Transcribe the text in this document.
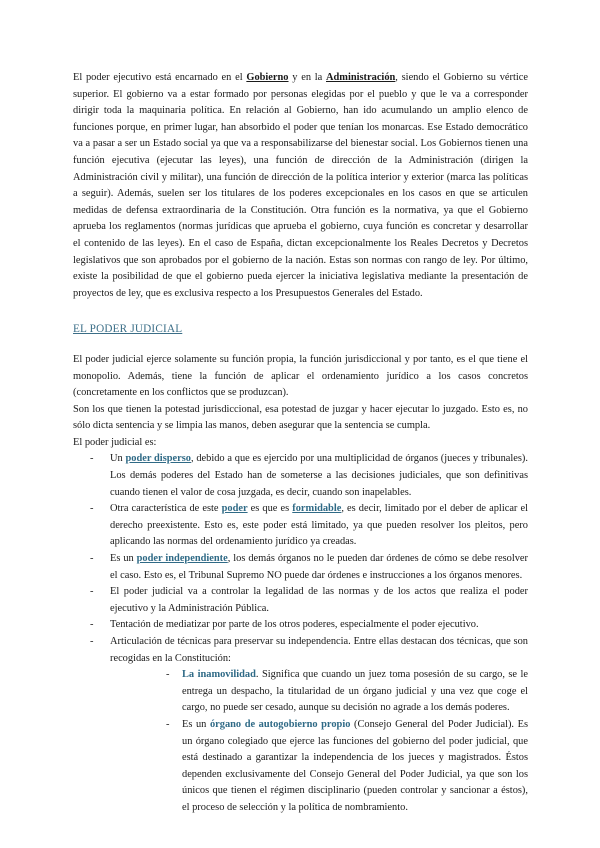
El poder ejecutivo está encarnado en el Gobierno y en la Administración, siendo el Gobierno su vértice superior. El gobierno va a estar formado por personas elegidas por el pueblo y que le va a corresponder dirigir toda la maquinaria política. En relación al Gobierno, han ido acumulando un amplio elenco de funciones porque, en primer lugar, han absorbido el poder que tenían los monarcas. Ese Estado democrático va a pasar a ser un Estado social ya que va a responsabilizarse del bienestar social. Los Gobiernos tienen una función ejecutiva (ejecutar las leyes), una función de dirección de la Administración (dirigen la Administración civil y militar), una función de dirección de la política interior y exterior (marca las políticas a seguir). Además, suelen ser los titulares de los poderes excepcionales en los casos en que se articulen medidas de defensa extraordinaria de la Constitución. Otra función es la normativa, ya que el Gobierno aprueba los reglamentos (normas jurídicas que aprueba el gobierno, cuya función es concretar y desarrollar el contenido de las leyes). En el caso de España, dictan excepcionalmente los Reales Decretos y Decretos legislativos que son aprobados por el gobierno de la nación. Estas son normas con rango de ley. Por último, existe la posibilidad de que el gobierno pueda ejercer la iniciativa legislativa mediante la presentación de proyectos de ley, que es exclusiva respecto a los Presupuestos Generales del Estado.

EL PODER JUDICIAL

El poder judicial ejerce solamente su función propia, la función jurisdiccional y por tanto, es el que tiene el monopolio. Además, tiene la función de aplicar el ordenamiento jurídico a los casos concretos (concretamente en los conflictos que se produzcan).

Son los que tienen la potestad jurisdiccional, esa potestad de juzgar y hacer ejecutar lo juzgado. Esto es, no sólo dicta sentencia y se limpia las manos, deben asegurar que la sentencia se cumpla.

El poder judicial es:

- Un poder disperso, debido a que es ejercido por una multiplicidad de órganos (jueces y tribunales). Los demás poderes del Estado han de someterse a las decisiones judiciales, que son definitivas cuando tienen el valor de cosa juzgada, es decir, cuando son inapelables.
- Otra característica de este poder es que es formidable, es decir, limitado por el deber de aplicar el derecho preexistente. Esto es, este poder está limitado, ya que pueden resolver los pleitos, pero aplicando las normas del ordenamiento jurídico ya creadas.
- Es un poder independiente, los demás órganos no le pueden dar órdenes de cómo se debe resolver el caso. Esto es, el Tribunal Supremo NO puede dar órdenes e instrucciones a los órganos menores.
- El poder judicial va a controlar la legalidad de las normas y de los actos que realiza el poder ejecutivo y la Administración Pública.
- Tentación de mediatizar por parte de los otros poderes, especialmente el poder ejecutivo.
- Articulación de técnicas para preservar su independencia. Entre ellas destacan dos técnicas, que son recogidas en la Constitución:
- La inamovilidad. Significa que cuando un juez toma posesión de su cargo, se le entrega un despacho, la titularidad de un órgano judicial y una vez que coge el cargo, no puede ser cesado, aunque su decisión no agrade a los demás poderes.
- Es un órgano de autogobierno propio (Consejo General del Poder Judicial). Es un órgano colegiado que ejerce las funciones del gobierno del poder judicial, que está destinado a garantizar la independencia de los jueces y magistrados. Éstos dependen exclusivamente del Consejo General del Poder Judicial, ya que son los únicos que tienen el régimen disciplinario (pueden controlar y sancionar a éstos), el proceso de selección y la política de nombramiento.
